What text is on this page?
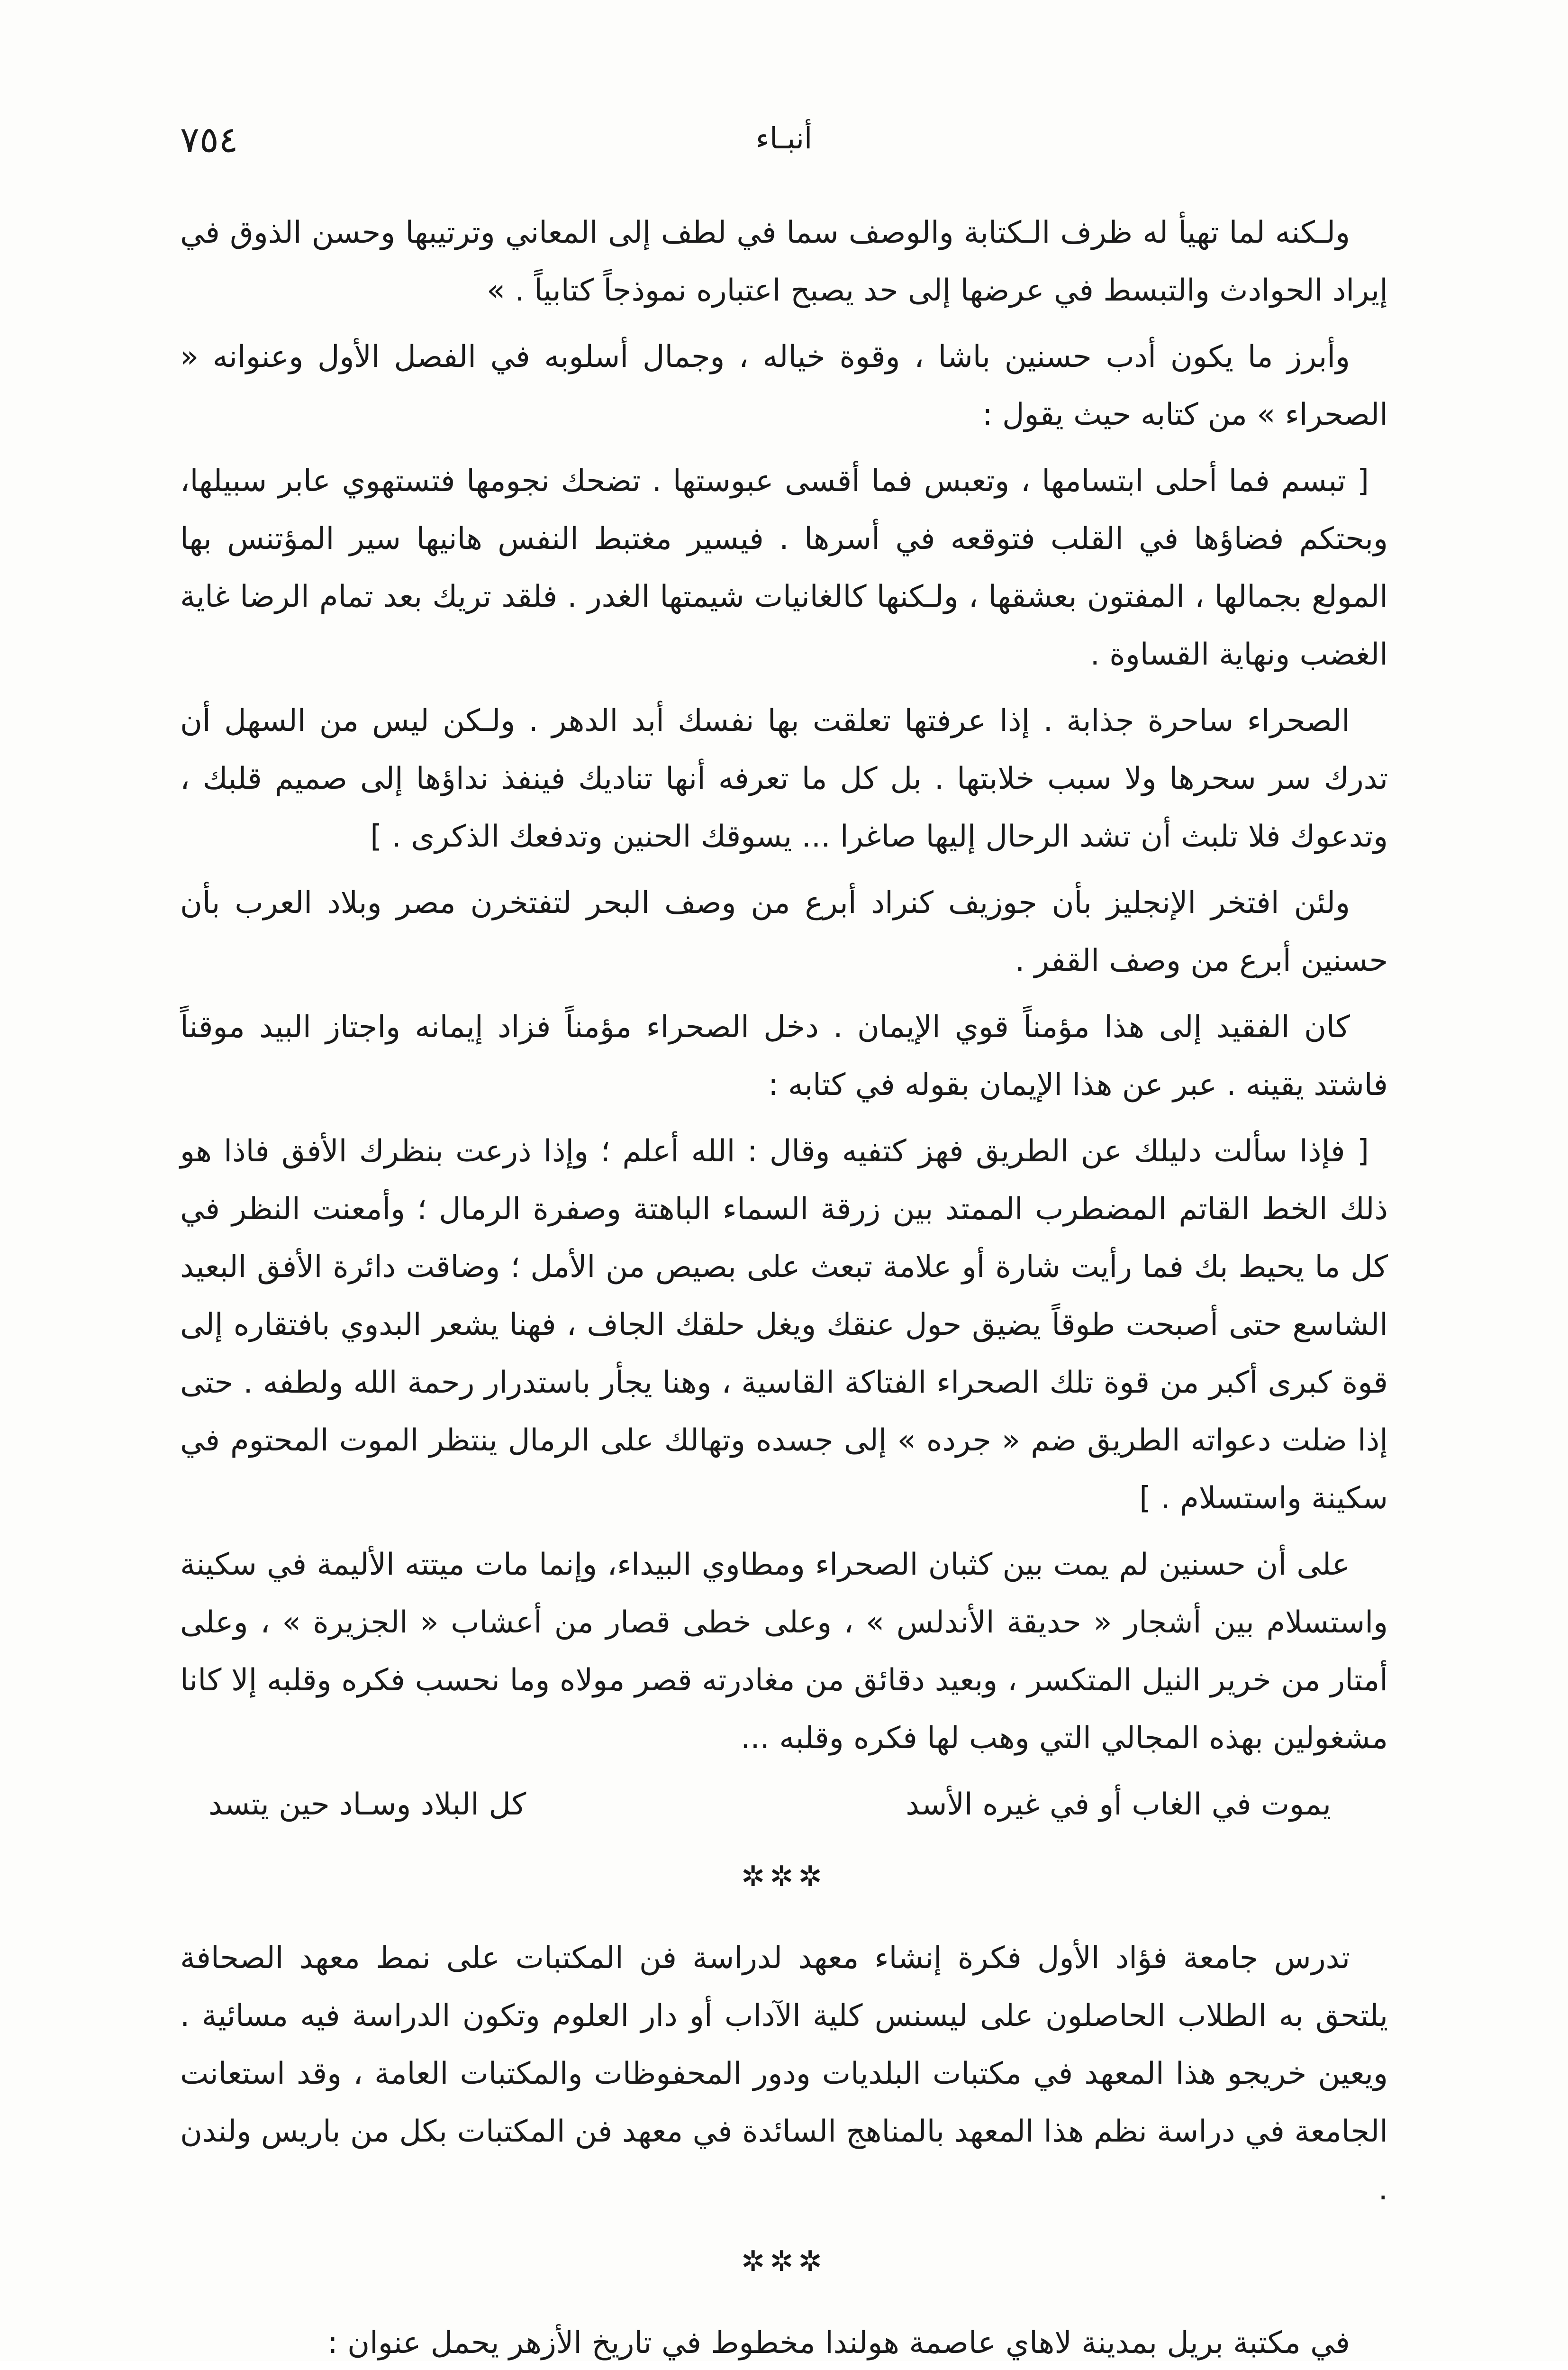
٧٥٤	أنبـاء

ولـكنه لما تهيأ له ظرف الـكتابة والوصف سما في لطف إلى المعاني وترتيبها وحسن الذوق في إيراد الحوادث والتبسط في عرضها إلى حد يصبح اعتباره نموذجاً كتابياً . »

وأبرز ما يكون أدب حسنين باشا ، وقوة خياله ، وجمال أسلوبه في الفصل الأول وعنوانه « الصحراء » من كتابه حيث يقول :

[ تبسم فما أحلى ابتسامها ، وتعبس فما أقسى عبوستها . تضحك نجومها فتستهوي عابر سبيلها، وبحتكم فضاؤها في القلب فتوقعه في أسرها . فيسير مغتبط النفس هانيها سير المؤتنس بها المولع بجمالها ، المفتون بعشقها ، ولـكنها كالغانيات شيمتها الغدر . فلقد تريك بعد تمام الرضا غاية الغضب ونهاية القساوة .

الصحراء ساحرة جذابة . إذا عرفتها تعلقت بها نفسك أبد الدهر . ولـكن ليس من السهل أن تدرك سر سحرها ولا سبب خلابتها . بل كل ما تعرفه أنها تناديك فينفذ نداؤها إلى صميم قلبك ، وتدعوك فلا تلبث أن تشد الرحال إليها صاغرا ... يسوقك الحنين وتدفعك الذكرى . ]

ولئن افتخر الإنجليز بأن جوزيف كنراد أبرع من وصف البحر لتفتخرن مصر وبلاد العرب بأن حسنين أبرع من وصف القفر .

كان الفقيد إلى هذا مؤمناً قوي الإيمان . دخل الصحراء مؤمناً فزاد إيمانه واجتاز البيد موقناً فاشتد يقينه . عبر عن هذا الإيمان بقوله في كتابه :

[ فإذا سألت دليلك عن الطريق فهز كتفيه وقال : الله أعلم ؛ وإذا ذرعت بنظرك الأفق فاذا هو ذلك الخط القاتم المضطرب الممتد بين زرقة السماء الباهتة وصفرة الرمال ؛ وأمعنت النظر في كل ما يحيط بك فما رأيت شارة أو علامة تبعث على بصيص من الأمل ؛ وضاقت دائرة الأفق البعيد الشاسع حتى أصبحت طوقاً يضيق حول عنقك ويغل حلقك الجاف ، فهنا يشعر البدوي بافتقاره إلى قوة كبرى أكبر من قوة تلك الصحراء الفتاكة القاسية ، وهنا يجأر باستدرار رحمة الله ولطفه . حتى إذا ضلت دعواته الطريق ضم « جرده » إلى جسده وتهالك على الرمال ينتظر الموت المحتوم في سكينة واستسلام . ]

على أن حسنين لم يمت بين كثبان الصحراء ومطاوي البيداء، وإنما مات ميتته الأليمة في سكينة واستسلام بين أشجار « حديقة الأندلس » ، وعلى خطى قصار من أعشاب « الجزيرة » ، وعلى أمتار من خرير النيل المتكسر ، وبعيد دقائق من مغادرته قصر مولاه وما نحسب فكره وقلبه إلا كانا مشغولين بهذه المجالي التي وهب لها فكره وقلبه ...

يموت في الغاب أو في غيره الأسد
كل البلاد وسـاد حين يتسد
✲✲✲

تدرس جامعة فؤاد الأول فكرة إنشاء معهد لدراسة فن المكتبات على نمط معهد الصحافة يلتحق به الطلاب الحاصلون على ليسنس كلية الآداب أو دار العلوم وتكون الدراسة فيه مسائية . ويعين خريجو هذا المعهد في مكتبات البلديات ودور المحفوظات والمكتبات العامة ، وقد استعانت الجامعة في دراسة نظم هذا المعهد بالمناهج السائدة في معهد فن المكتبات بكل من باريس ولندن .

✲✲✲

في مكتبة بريل بمدينة لاهاي عاصمة هولندا مخطوط في تاريخ الأزهر يحمل عنوان :
